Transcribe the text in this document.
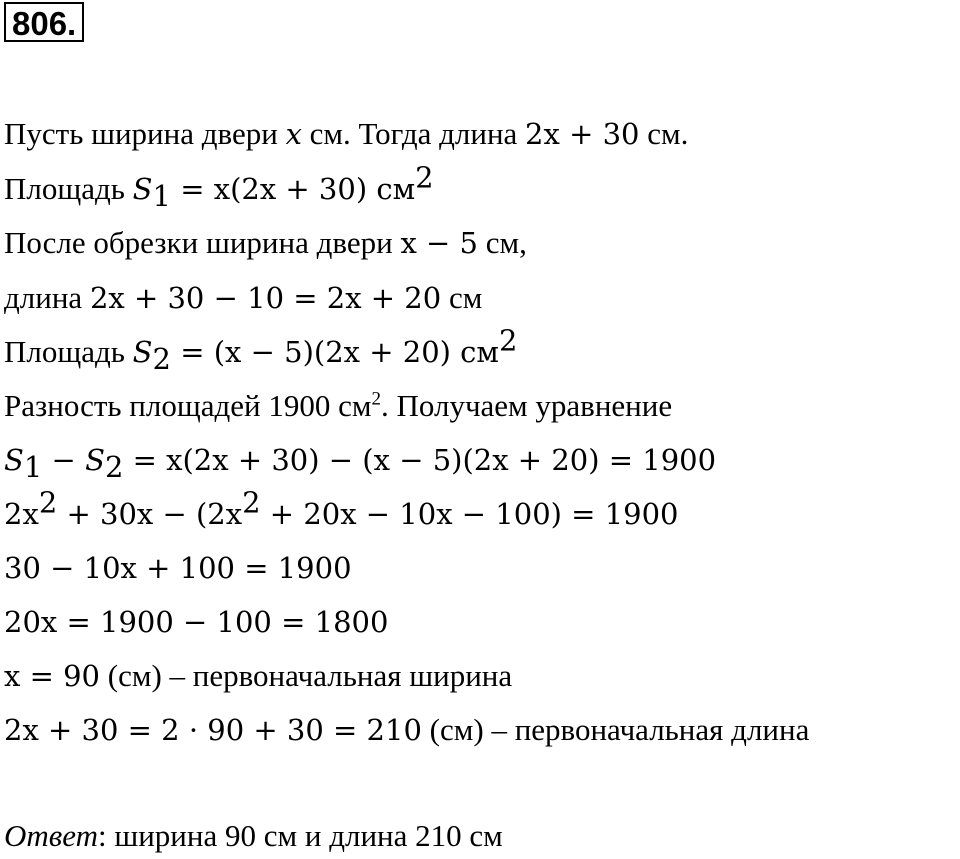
806.
Пусть ширина двери x см. Тогда длина 2x + 30 см.
Площадь $S_1 = x(2x + 30)$ $см^2$
После обрезки ширина двери x − 5 см,
длина 2x + 30 − 10 = 2x + 20 см
Площадь $S_2 = (x - 5)(2x + 20)$ $см^2$
Разность площадей 1900 $см^2$. Получаем уравнение
$S_1 - S_2 = x(2x + 30) - (x - 5)(2x + 20) = 1900$
$2x^2 + 30x - (2x^2 + 20x - 10x - 100) = 1900$
30 − 10x + 100 = 1900
20x = 1900 − 100 = 1800
x = 90 (см) – первоначальная ширина
2x + 30 = 2 · 90 + 30 = 210 (см) – первоначальная длина
Ответ: ширина 90 см и длина 210 см
